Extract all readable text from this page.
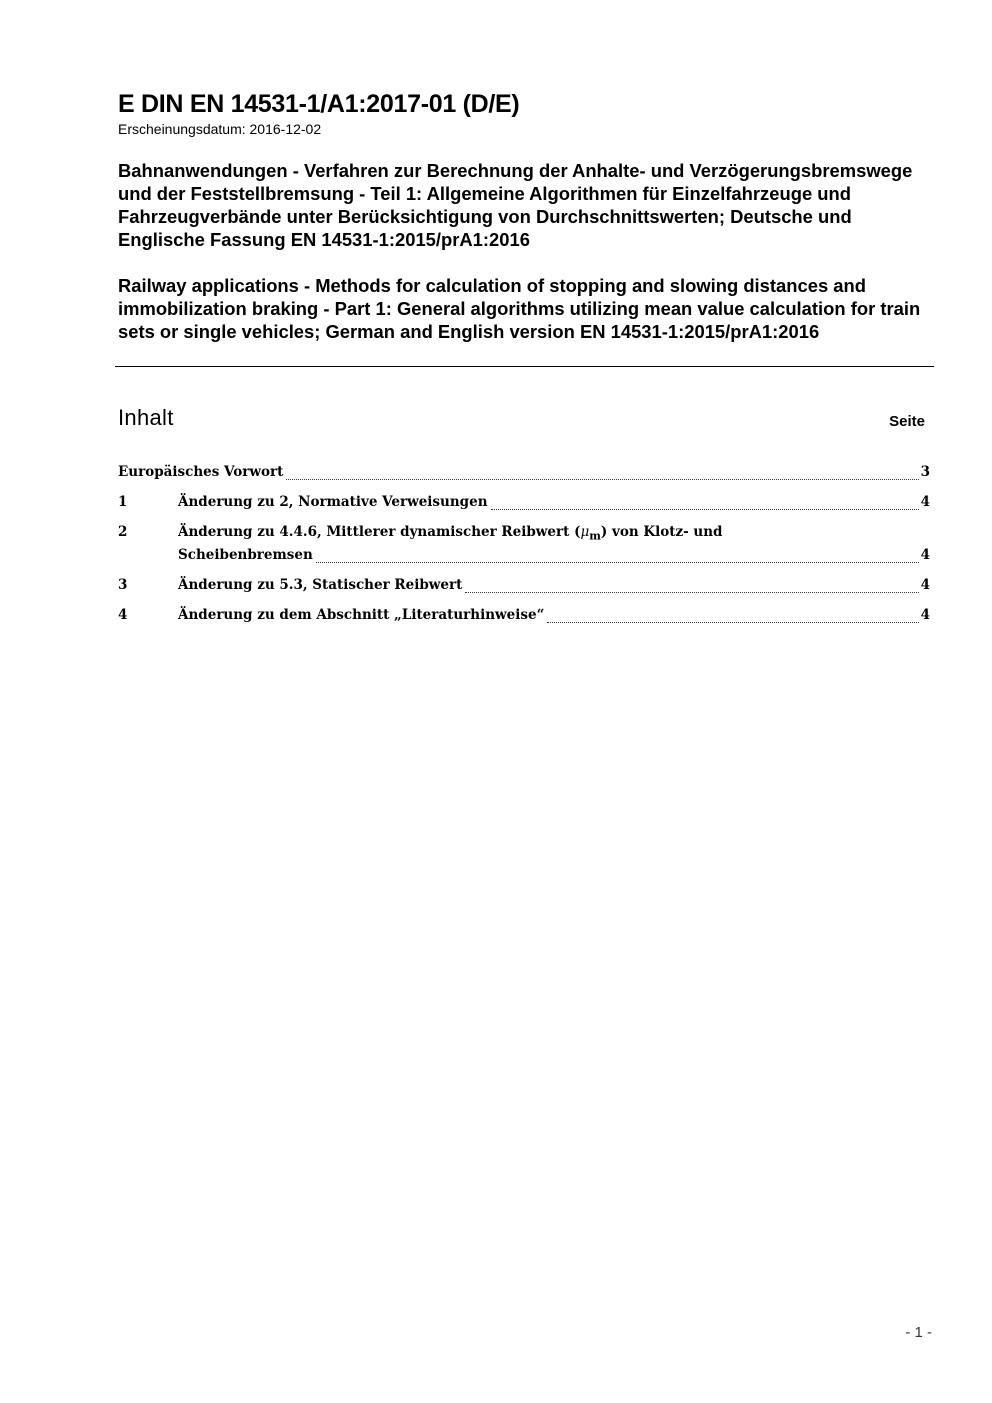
E DIN EN 14531-1/A1:2017-01 (D/E)
Erscheinungsdatum: 2016-12-02
Bahnanwendungen - Verfahren zur Berechnung der Anhalte- und Verzögerungsbremswege und der Feststellbremsung - Teil 1: Allgemeine Algorithmen für Einzelfahrzeuge und Fahrzeugverbände unter Berücksichtigung von Durchschnittswerten; Deutsche und Englische Fassung EN 14531-1:2015/prA1:2016
Railway applications - Methods for calculation of stopping and slowing distances and immobilization braking - Part 1: General algorithms utilizing mean value calculation for train sets or single vehicles; German and English version EN 14531-1:2015/prA1:2016
Inhalt	Seite
Europäisches Vorwort	3
1	Änderung zu 2, Normative Verweisungen	4
2	Änderung zu 4.4.6, Mittlerer dynamischer Reibwert $(\mu_m)$ von Klotz- und
Scheibenbremsen	4
3	Änderung zu 5.3, Statischer Reibwert	4
4	Änderung zu dem Abschnitt „Literaturhinweise“	4
- 1 -
